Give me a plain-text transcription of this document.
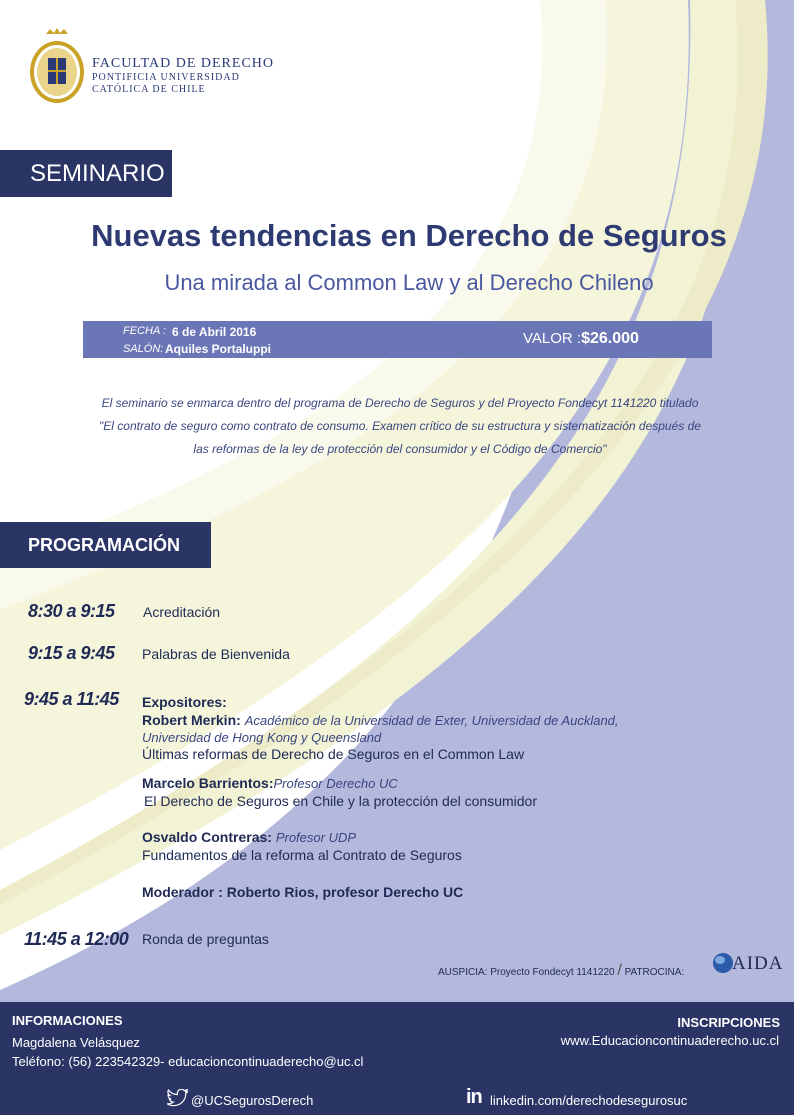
FACULTAD DE DERECHO
PONTIFICIA UNIVERSIDAD
CATÓLICA DE CHILE
SEMINARIO
Nuevas tendencias en Derecho de Seguros
Una mirada al Common Law y al Derecho Chileno
FECHA : 6 de Abril 2016
SALÓN: Aquiles Portaluppi
VALOR :$26.000
El seminario se enmarca dentro del programa de Derecho de Seguros y del Proyecto Fondecyt 1141220 titulado
"El contrato de seguro como contrato de consumo. Examen crítico de su estructura y sistematización después de
las reformas de la ley de protección del consumidor y el Código de Comercio"
PROGRAMACIÓN
8:30 a 9:15 Acreditación
9:15 a 9:45 Palabras de Bienvenida
9:45 a 11:45 Expositores:
Robert Merkin: Académico de la Universidad de Exter, Universidad de Auckland,
Universidad de Hong Kong y Queensland
Últimas reformas de Derecho de Seguros en el Common Law
Marcelo Barrientos:Profesor Derecho UC
El Derecho de Seguros en Chile y la protección del consumidor
Osvaldo Contreras: Profesor UDP
Fundamentos de la reforma al Contrato de Seguros
Moderador : Roberto Rios, profesor Derecho UC
11:45 a 12:00 Ronda de preguntas
AUSPICIA: Proyecto Fondecyt 1141220 / PATROCINA:	AIDA
INFORMACIONES
Magdalena Velásquez
Teléfono: (56) 223542329- educacioncontinuaderecho@uc.cl
INSCRIPCIONES
www.Educacioncontinuaderecho.uc.cl
@UCSegurosDerech	in linkedin.com/derechodesegurosuc
